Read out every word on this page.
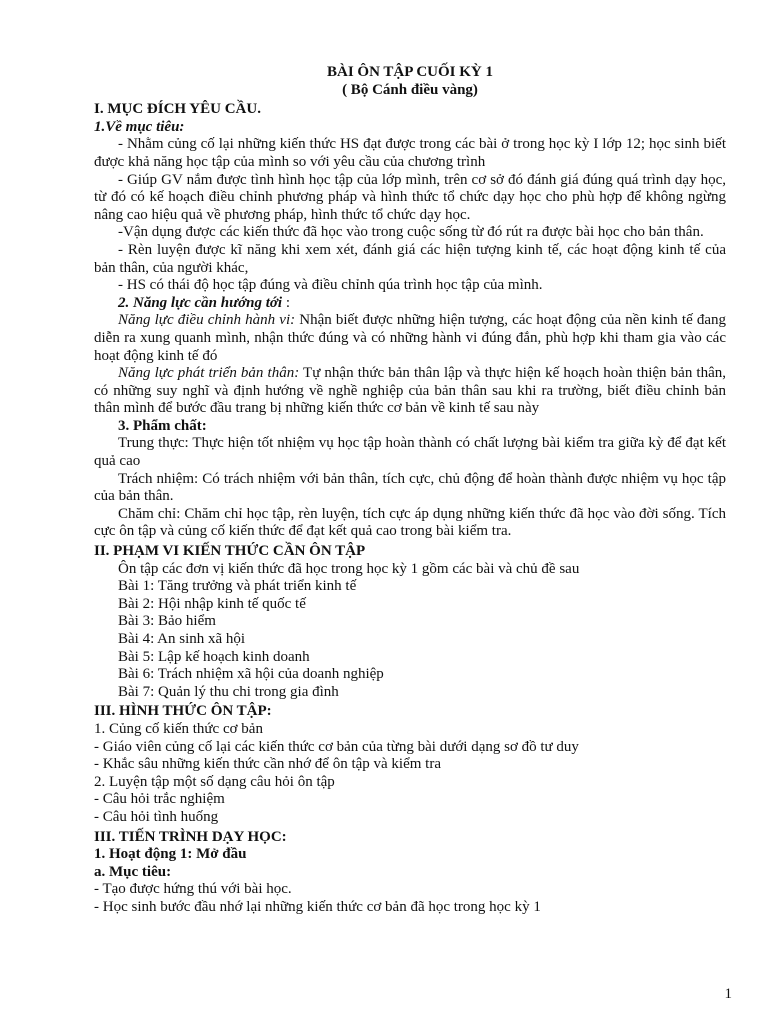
BÀI ÔN TẬP CUỐI KỲ 1
( Bộ Cánh điều vàng)
I. MỤC ĐÍCH YÊU CẦU.
1.Về mục tiêu:
- Nhằm củng cố lại những kiến thức HS đạt được trong các bài ở trong học kỳ I lớp 12; học sinh biết được khả năng học tập của mình so với yêu cầu của chương trình
- Giúp GV nắm được tình hình học tập của lớp mình, trên cơ sở đó đánh giá đúng quá trình dạy học, từ đó có kế hoạch điều chỉnh phương pháp và hình thức tổ chức dạy học cho phù hợp để không ngừng nâng cao hiệu quả về phương pháp, hình thức tổ chức dạy học.
-Vận dụng được các kiến thức đã học vào trong cuộc sống từ đó rút ra được bài học cho bản thân.
- Rèn luyện được kĩ năng khi xem xét, đánh giá các hiện tượng kinh tế, các hoạt động kinh tế của bản thân, của người khác,
- HS có thái độ học tập đúng và điều chỉnh qúa trình học tập của mình.
2. Năng lực cần hướng tới :
Năng lực điều chỉnh hành vi: Nhận biết được những hiện tượng, các hoạt động của nền kinh tế đang diễn ra xung quanh mình, nhận thức đúng và có những hành vi đúng đắn, phù hợp khi tham gia vào các hoạt động kinh tế đó
Năng lực phát triển bản thân: Tự nhận thức bản thân lập và thực hiện kế hoạch hoàn thiện bản thân, có những suy nghĩ và định hướng về nghề nghiệp của bản thân sau khi ra trường, biết điều chỉnh bản thân mình để bước đầu trang bị những kiến thức cơ bản về kinh tế sau này
3. Phẩm chất:
Trung thực: Thực hiện tốt nhiệm vụ học tập hoàn thành có chất lượng bài kiểm tra giữa kỳ để đạt kết quả cao
Trách nhiệm: Có trách nhiệm với bản thân, tích cực, chủ động để hoàn thành được nhiệm vụ học tập của bản thân.
Chăm chỉ: Chăm chỉ học tập, rèn luyện, tích cực áp dụng những kiến thức đã học vào đời sống. Tích cực ôn tập và củng cố kiến thức để đạt kết quả cao trong bài kiểm tra.
II. PHẠM VI KIẾN THỨC CẦN ÔN TẬP
Ôn tập các đơn vị kiến thức đã học trong học kỳ 1 gồm các bài và chủ đề sau
Bài 1: Tăng trưởng và phát triển kinh tế
Bài 2: Hội nhập kinh tế quốc tế
Bài 3: Bảo hiểm
Bài 4: An sinh xã hội
Bài 5: Lập kế hoạch kinh doanh
Bài 6: Trách nhiệm xã hội của doanh nghiệp
Bài 7: Quản lý thu chi trong gia đình
III. HÌNH THỨC ÔN TẬP:
1. Củng cố kiến thức cơ bản
- Giáo viên củng cố lại các kiến thức cơ bản của từng bài dưới dạng sơ đồ tư duy
- Khắc sâu những kiến thức cần nhớ để ôn tập và kiểm tra
2. Luyện tập một số dạng câu hỏi ôn tập
- Câu hỏi trắc nghiệm
- Câu hỏi tình huống
III. TIẾN TRÌNH DẠY HỌC:
1. Hoạt động 1: Mở đầu
a. Mục tiêu:
- Tạo được hứng thú với bài học.
- Học sinh bước đầu nhớ lại những kiến thức cơ bản đã học trong học kỳ 1
1
